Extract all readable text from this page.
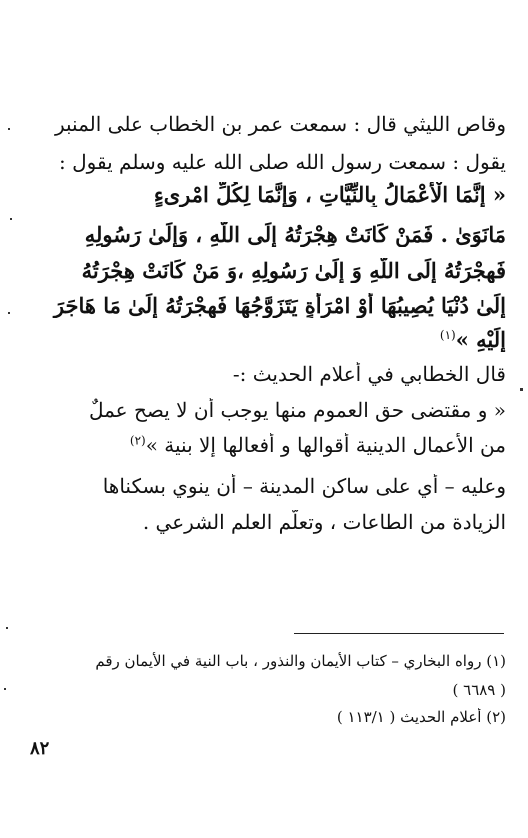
وقاص الليثي قال : سمعت عمر بن الخطاب على المنبر
يقول : سمعت رسول الله صلى الله عليه وسلم يقول :
« إِنَّمَا الْأَعْمَالُ بِالنِّيَّاتِ ، وَإِنَّمَا لِكُلِّ امْرِىءٍ
مَانَوَىٰ . فَمَنْ كَانَتْ هِجْرَتُهُ إِلَى اللَّهِ ، وَإِلَىٰ رَسُولِهِ
فَهِجْرَتُهُ إِلَى اللَّهِ وَ إِلَىٰ رَسُولِهِ ،وَ مَنْ كَانَتْ هِجْرَتُهُ
إِلَىٰ دُنْيَا يُصِيبُهَا أَوْ امْرَأَةٍ يَتَزَوَّجُهَا فَهِجْرَتُهُ إِلَىٰ مَا هَاجَرَ
إِلَيْهِ »$^{(١)}$
قال الخطابي في أعلام الحديث :-
« و مقتضى حق العموم منها يوجب أن لا يصح عملٌ
من الأعمال الدينية أقوالها و أفعالها إلا بنية »$^{(٢)}$
وعليه – أي على ساكن المدينة – أن ينوي بسكناها
الزيادة من الطاعات ، وتعلّم العلم الشرعي .
(١) رواه البخاري – كتاب الأيمان والنذور ، باب النية في الأيمان رقم
( ٦٦٨٩ )
(٢) أعلام الحديث ( ١١٣/١ )
٨٢
